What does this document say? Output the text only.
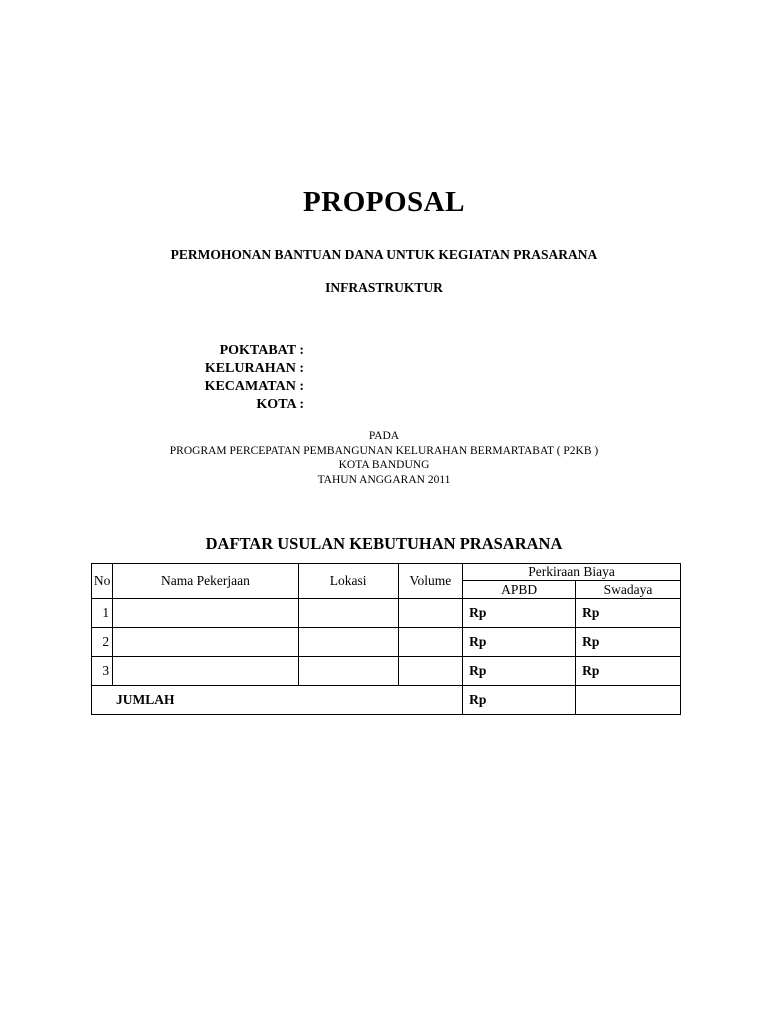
PROPOSAL
PERMOHONAN BANTUAN DANA UNTUK KEGIATAN PRASARANA
INFRASTRUKTUR
POKTABAT :
KELURAHAN :
KECAMATAN :
KOTA :
PADA
PROGRAM PERCEPATAN PEMBANGUNAN KELURAHAN BERMARTABAT ( P2KB )
KOTA BANDUNG
TAHUN ANGGARAN 2011
DAFTAR USULAN KEBUTUHAN PRASARANA
No	Nama Pekerjaan	Lokasi	Volume	Perkiraan Biaya	
				APBD	Swadaya
1				Rp	Rp
2				Rp	Rp
3				Rp	Rp
JUMLAH				Rp	
